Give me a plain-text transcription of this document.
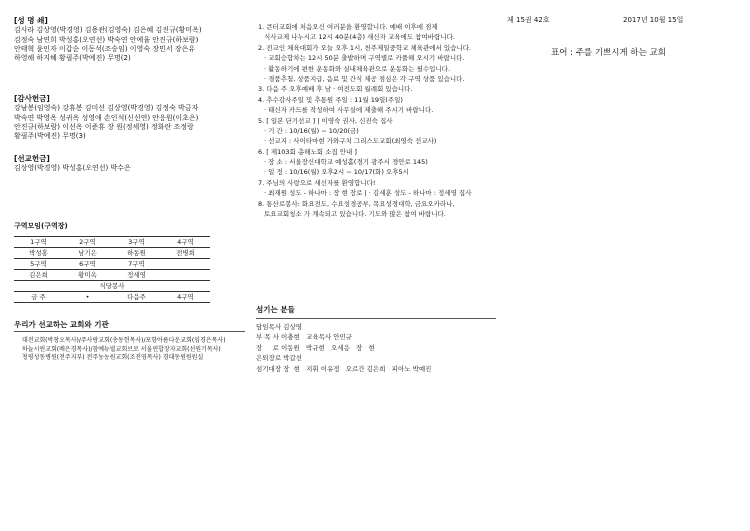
제 15권 42호	2017년 10월 15일
표어 : 주를 기쁘시게 하는 교회
[성 명 쇄]
김사라 김상영(박경영) 김용관(김영숙) 김은혜 김진규(황미옥)
김정숙 남연희 박성홍(오연선) 박숙연 안예율 안진규(하보람)
안태혁 윤인자 이갑순 이동석(조승임) 이영숙 장민서 장은유
하영해 하지혜 황필주(박예진) 무명(2)
[감사헌금]
강남봉(임영숙) 강휴봉 김미선 김상영(박경영) 김정숙 박금자
박숙연 박영옥 성귀옥 성영애 손인석(신선연) 안응원(이초은)
안진규(하보람) 이선옥 이준휴 장 원(정세영) 정화란 조정랑
황필주(박예진) 무명(3)
[선교헌금]
김상영(박경영) 박성홍(오연선) 박수은
구역모임(구역장)
1구역	2구역	3구역	4구역
박성홍	남기은	하동원	전병희
5구역	6구역	7구역	
김은희	황미옥	정세영	
식당봉사			
금 주	•	다음주	4구역
우리가 선교하는 교회와 기관
대전교회(박창오목사)/주사랑교회(송동헌목사)/포항아름다운교회(임경은목사)
하늘시윈교회(배은경목사)/참예뉴빌교회브로 서울연합장자교회(선원기목사)
청평성동병원(전주지부) 전주농농원교회(조진영목사) 경대동원원원실
1. 큰터교회에 처음오신 여러분을 환영합니다. 예배 이후에 점제
식사교제 나누시고 12시 40분(4층) 새신자 교육에도 참여바랍니다.
2. 전교인 체육대회가 오늘 오후 1시, 천주제일중학교 체육관에서 있습니다.
· 교회승합차는 12시 50분 출발하며 구역별로 카풀해 오시기 바랍니다.
· 활동하기에 편한 운동화와 실내체육관으로 운동화는 필수입니다.
· 경품추첨, 상품지급, 음료 및 간식 제공 점심은 각 구역 상품 있습니다.
3. 다음 주 오후예배 후 남 · 여전도회 월례회 있습니다.
4. 추수감사주일 및 추통원 주일 : 11월 19일(주일)
· 태신자 카드를 작성하여 사무실에 제출해 주시기 바랍니다.
5. [ 일본 단기선교 ] | 이영숙 권사, 신진숙 집사
· 기 간 : 10/16(월) ~ 10/20(금)
· 선교지 : 사이타마현 가와구치 그리스도교회(최영숙 선교사)
6. [ 제103회 총해노회 소집 안내 ]
· 장 소 : 서울장신대학교 예성홀(경기 광주시 경안로 145)
· 일 정 : 10/16(월) 오후2시 ~ 10/17(화) 오후5시
7. 주님의 사랑으로 새신자를 환영합니다!
· 최재원 성도 - 하나마 : 장 현 장로 | · 김세훈 성도 - 하나마 : 정세영 집사
8. 통산로봉사: 화요전도, 수요성경공부, 목요성경대학, 금요오카라나,
토요교회청소 가 계속되고 있습니다. 기도와 많은 참여 바랍니다.
섬기는 분들
담임목사 김상영
부 목 사 이충현   교육목사 안민규
장     로 이동원   박규현   오세응   장   현
은퇴장로 박갑선
섬기대장 장  현   지휘 이유정   오르간 김은희   피아노 박예진
